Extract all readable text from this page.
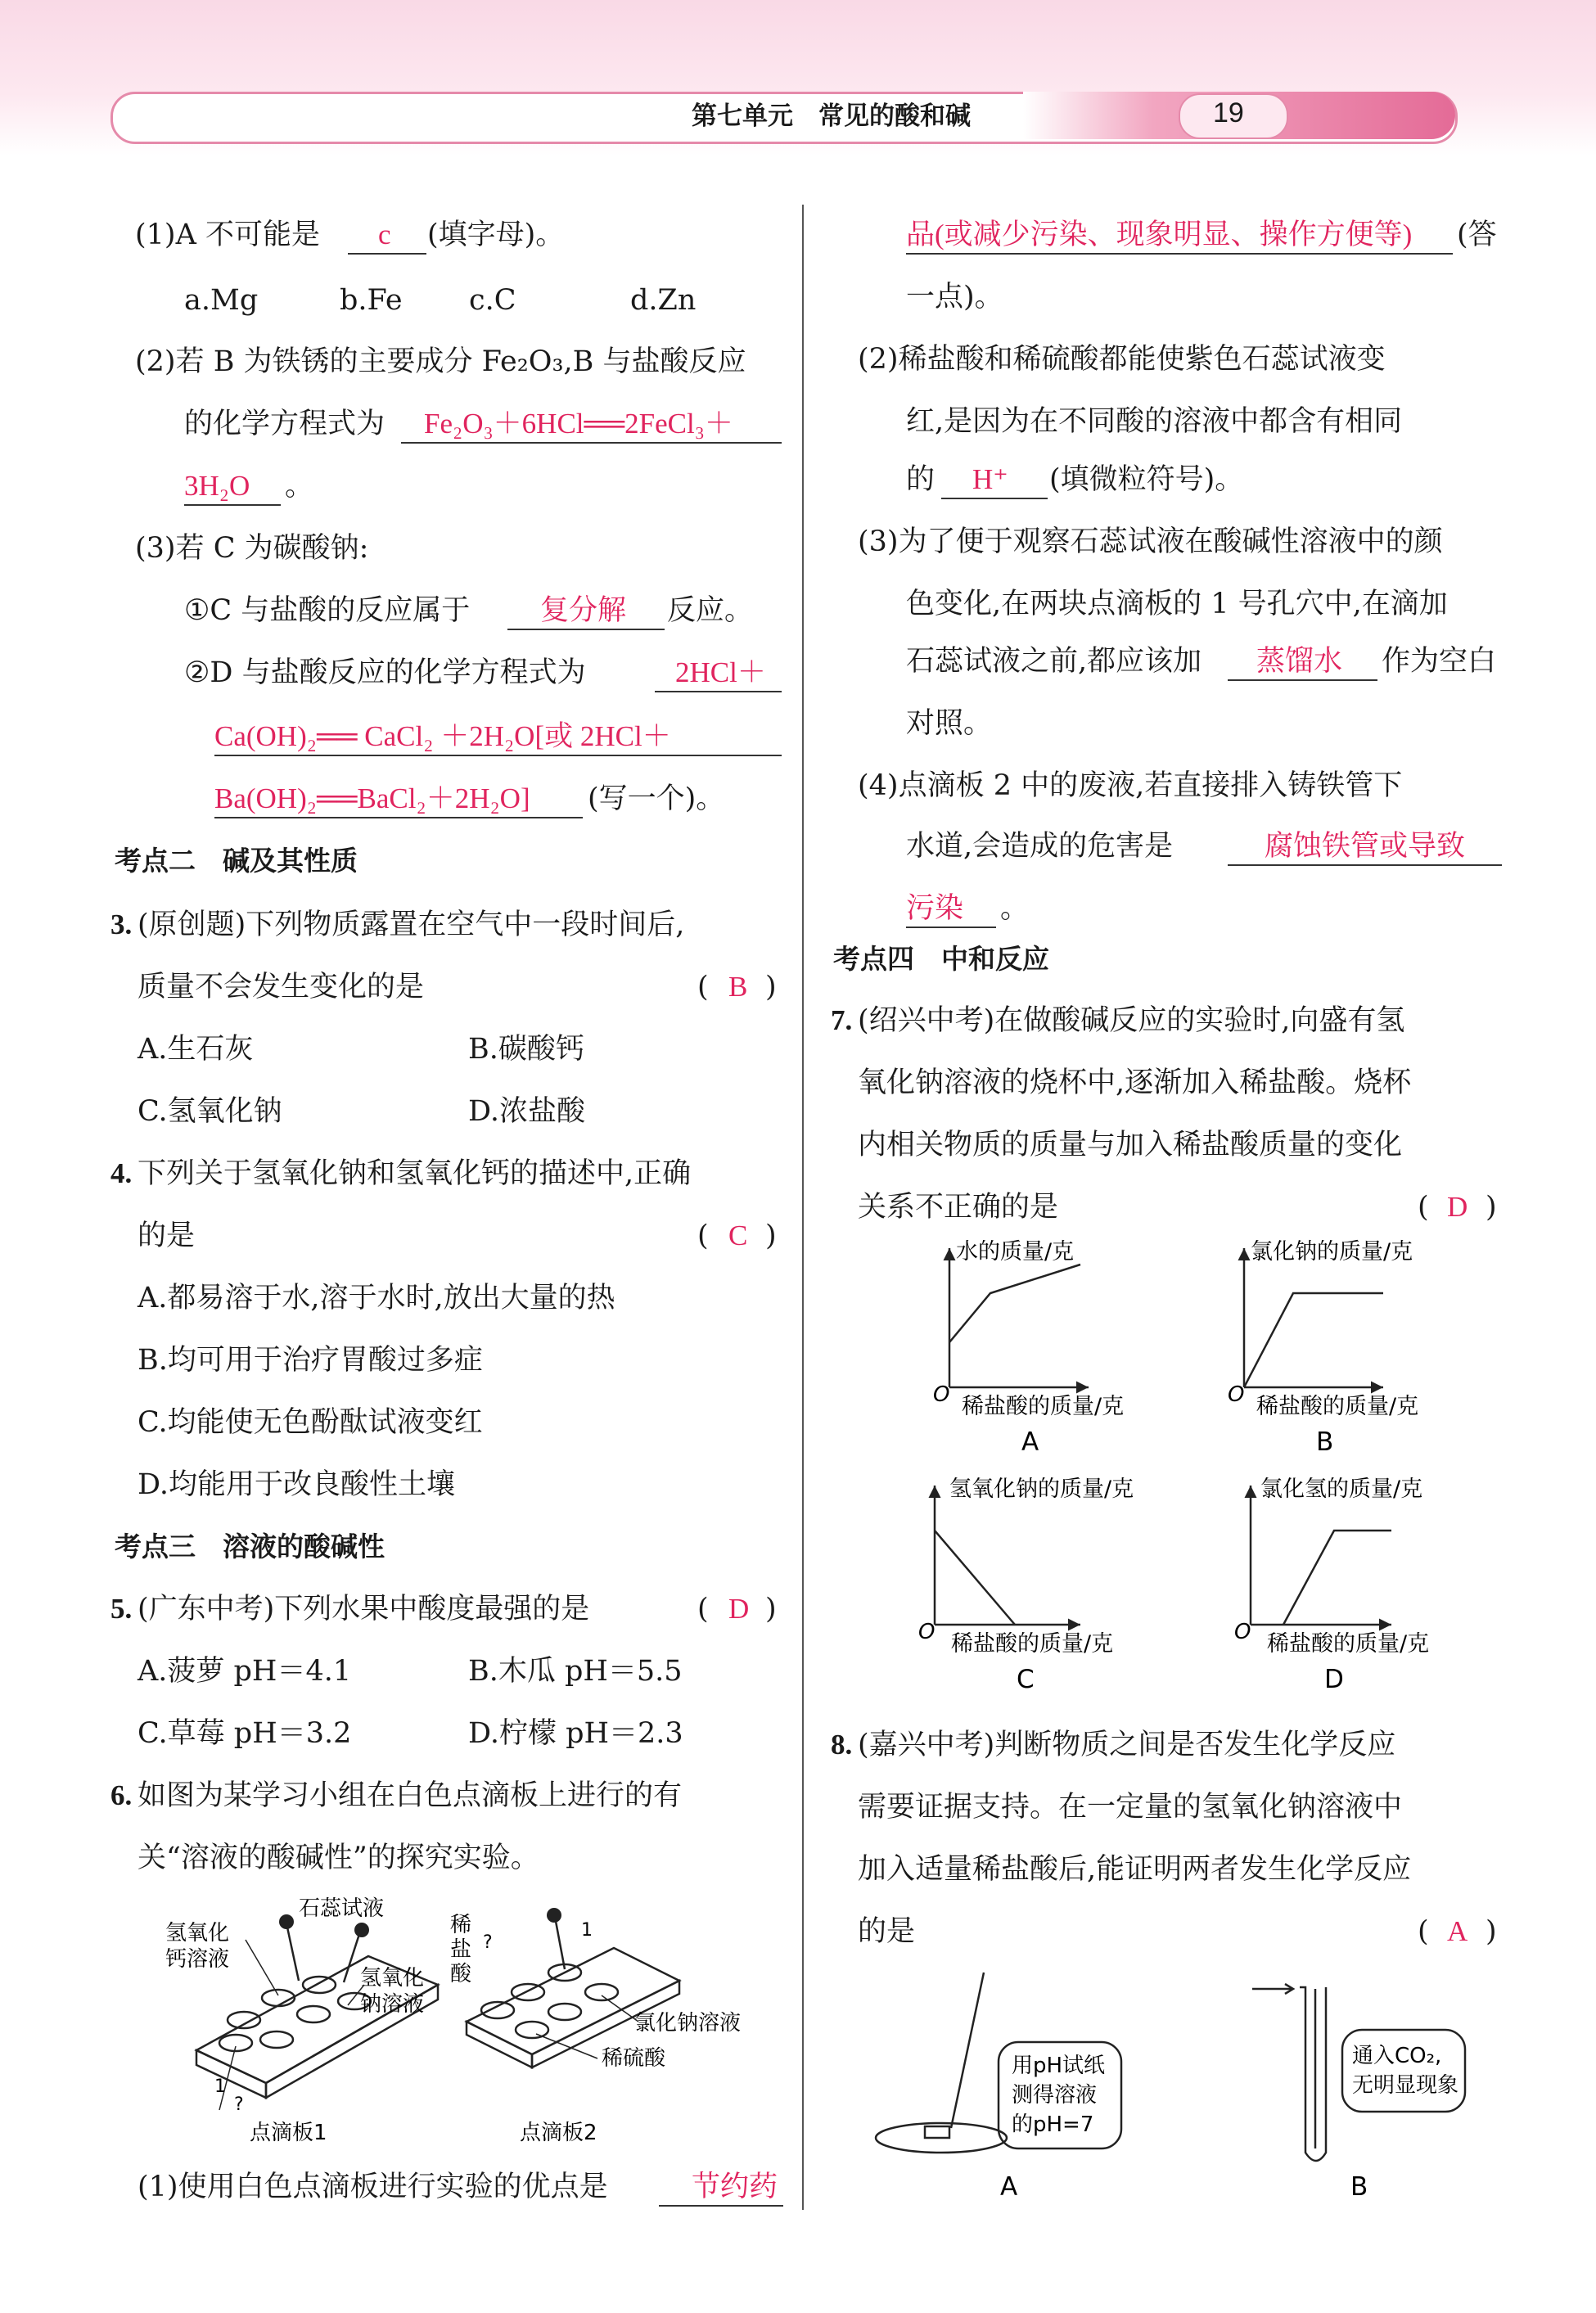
第七单元　常见的酸和碱	19
(1)A 不可能是 c (填字母)。
a.Mg	b.Fe c.C	d.Zn
(2)若 B 为铁锈的主要成分 Fe₂O₃,B 与盐酸反应
的化学方程式为 Fe₂O₃＋6HCl══2FeCl₃＋
3H₂O 。
(3)若 C 为碳酸钠:
①C 与盐酸的反应属于 复分解 反应。
②D 与盐酸反应的化学方程式为	2HCl＋
Ca(OH)₂══ CaCl₂ ＋2H₂O[或 2HCl＋
Ba(OH)₂══BaCl₂＋2H₂O] (写一个)。
考点二　碱及其性质
3. (原创题)下列物质露置在空气中一段时间后,
质量不会发生变化的是	( B )
A.生石灰	B.碳酸钙
C.氢氧化钠	D.浓盐酸
4. 下列关于氢氧化钠和氢氧化钙的描述中,正确
的是	( C )
A.都易溶于水,溶于水时,放出大量的热
B.均可用于治疗胃酸过多症
C.均能使无色酚酞试液变红
D.均能用于改良酸性土壤
考点三　溶液的酸碱性
5. (广东中考)下列水果中酸度最强的是	( D )
A.菠萝 pH＝4.1	B.木瓜 pH＝5.5
C.草莓 pH＝3.2	D.柠檬 pH＝2.3
6. 如图为某学习小组在白色点滴板上进行的有
关“溶液的酸碱性”的探究实验。
石蕊试液
氢氧化
钙溶液
氢氧化
钠溶液
稀
盐
酸
?
1
氯化钠溶液
稀硫酸
1
?
点滴板1	点滴板2
(1)使用白色点滴板进行实验的优点是	节约药
品(或减少污染、现象明显、操作方便等) (答
一点)。
(2)稀盐酸和稀硫酸都能使紫色石蕊试液变
红,是因为在不同酸的溶液中都含有相同
的 H⁺ (填微粒符号)。
(3)为了便于观察石蕊试液在酸碱性溶液中的颜
色变化,在两块点滴板的 1 号孔穴中,在滴加
石蕊试液之前,都应该加 蒸馏水 作为空白
对照。
(4)点滴板 2 中的废液,若直接排入铸铁管下
水道,会造成的危害是	腐蚀铁管或导致
污染 。
考点四　中和反应
7. (绍兴中考)在做酸碱反应的实验时,向盛有氢
氧化钠溶液的烧杯中,逐渐加入稀盐酸。烧杯
内相关物质的质量与加入稀盐酸质量的变化
关系不正确的是	( D )
水的质量/克
O 稀盐酸的质量/克
A
氯化钠的质量/克
O 稀盐酸的质量/克
B
氢氧化钠的质量/克
O 稀盐酸的质量/克
C
氯化氢的质量/克
O 稀盐酸的质量/克
D
8. (嘉兴中考)判断物质之间是否发生化学反应
需要证据支持。在一定量的氢氧化钠溶液中
加入适量稀盐酸后,能证明两者发生化学反应
的是	( A )
用pH试纸
测得溶液
的pH=7
通入CO₂,
无明显现象
A	B
